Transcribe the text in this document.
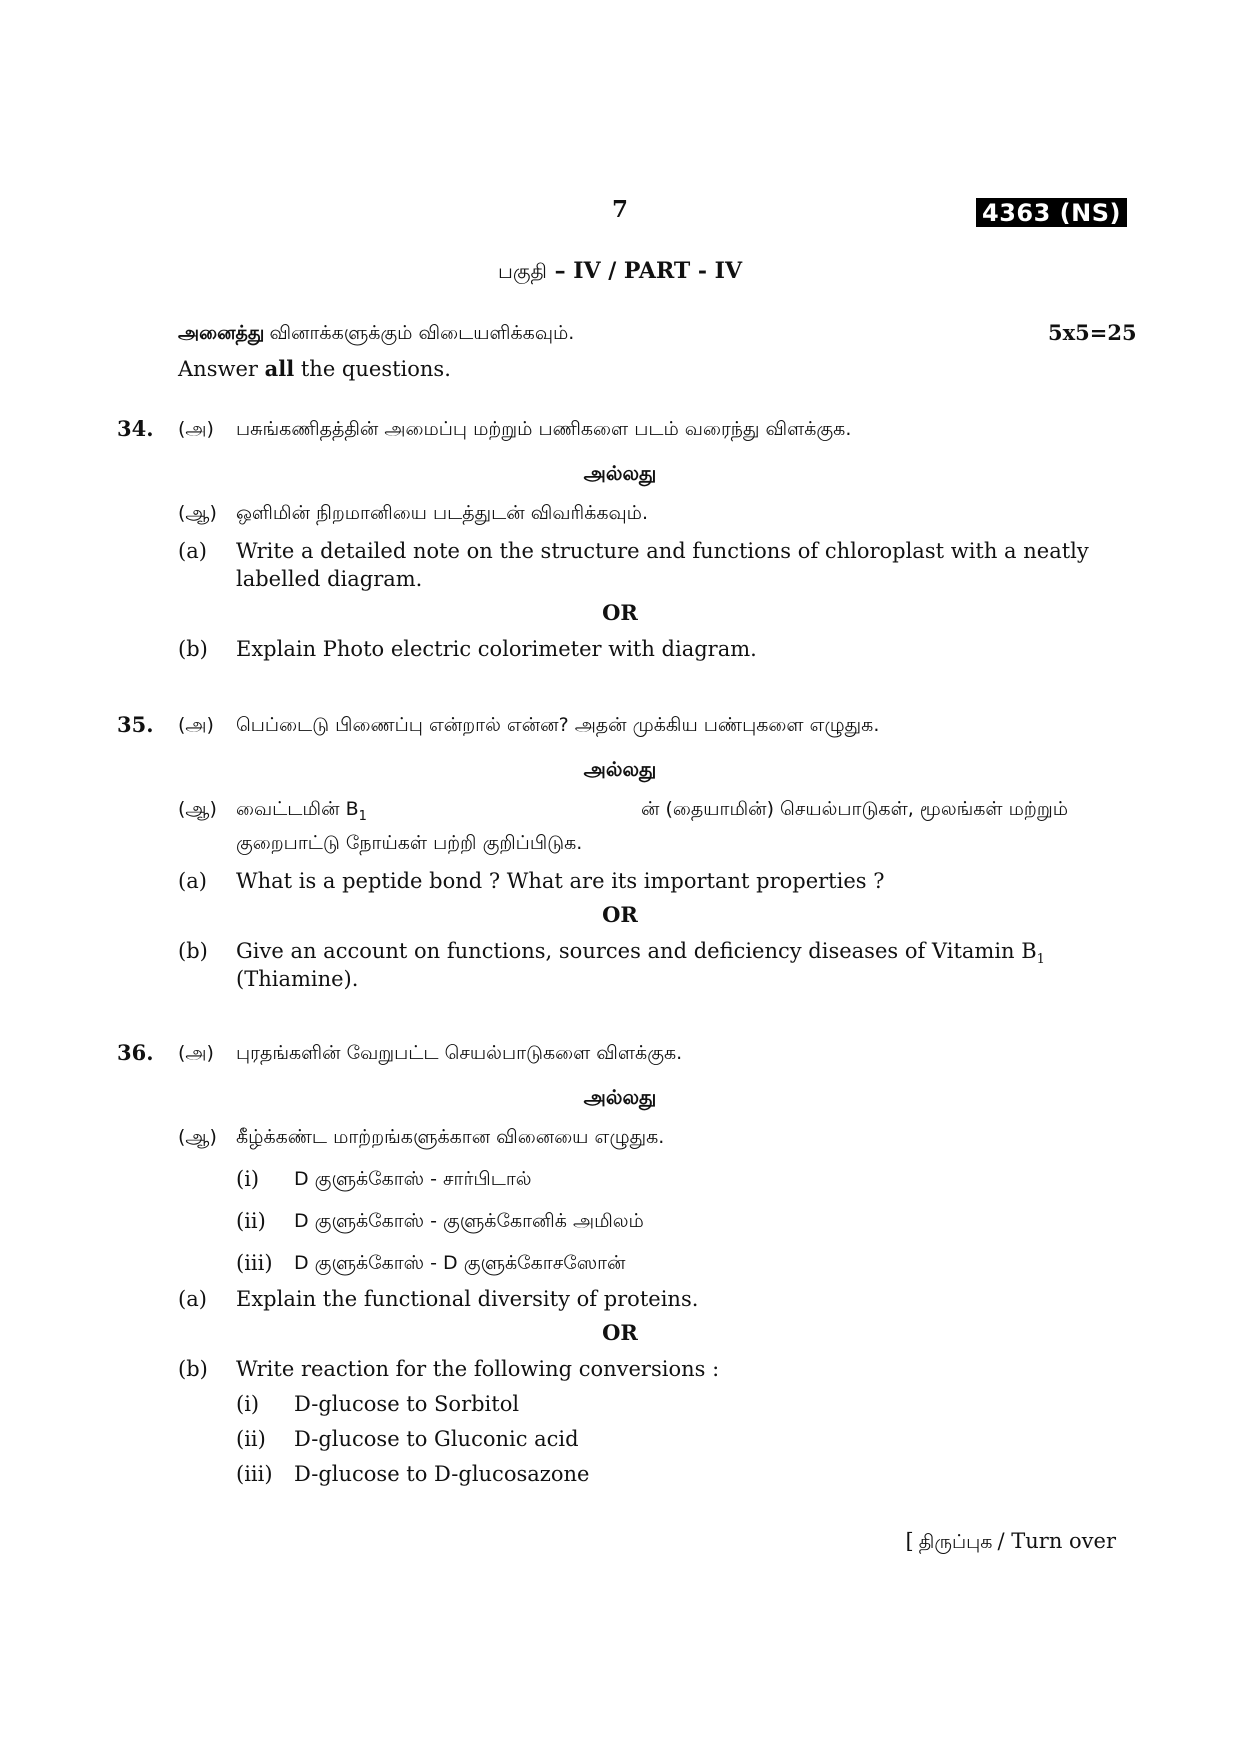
7	4363 (NS)
பகுதி – IV / PART - IV
அனைத்து வினாக்களுக்கும் விடையளிக்கவும்.	5x5=25
Answer all the questions.
34. (அ) பசுங்கணிதத்தின் அமைப்பு மற்றும் பணிகளை படம் வரைந்து விளக்குக.
அல்லது
(ஆ) ஒளிமின் நிறமானியை படத்துடன் விவரிக்கவும்.
(a) Write a detailed note on the structure and functions of chloroplast with a neatly
labelled diagram.
OR
(b) Explain Photo electric colorimeter with diagram.
35. (அ) பெப்டைடு பிணைப்பு என்றால் என்ன? அதன் முக்கிய பண்புகளை எழுதுக.
அல்லது
(ஆ) வைட்டமின் $B_1$	ன் (தையாமின்) செயல்பாடுகள், மூலங்கள் மற்றும்
குறைபாட்டு நோய்கள் பற்றி குறிப்பிடுக.
(a) What is a peptide bond ? What are its important properties ?
OR
(b) Give an account on functions, sources and deficiency diseases of Vitamin $B_1$
(Thiamine).
36. (அ) புரதங்களின் வேறுபட்ட செயல்பாடுகளை விளக்குக.
அல்லது
(ஆ) கீழ்க்கண்ட மாற்றங்களுக்கான வினையை எழுதுக.
(i) D குளுக்கோஸ் - சார்பிடால்
(ii) D குளுக்கோஸ் - குளுக்கோனிக் அமிலம்
(iii) D குளுக்கோஸ் - D குளுக்கோசஸோன்
(a) Explain the functional diversity of proteins.
OR
(b) Write reaction for the following conversions :
(i) D-glucose to Sorbitol
(ii) D-glucose to Gluconic acid
(iii) D-glucose to D-glucosazone
[ திருப்புக / Turn over
